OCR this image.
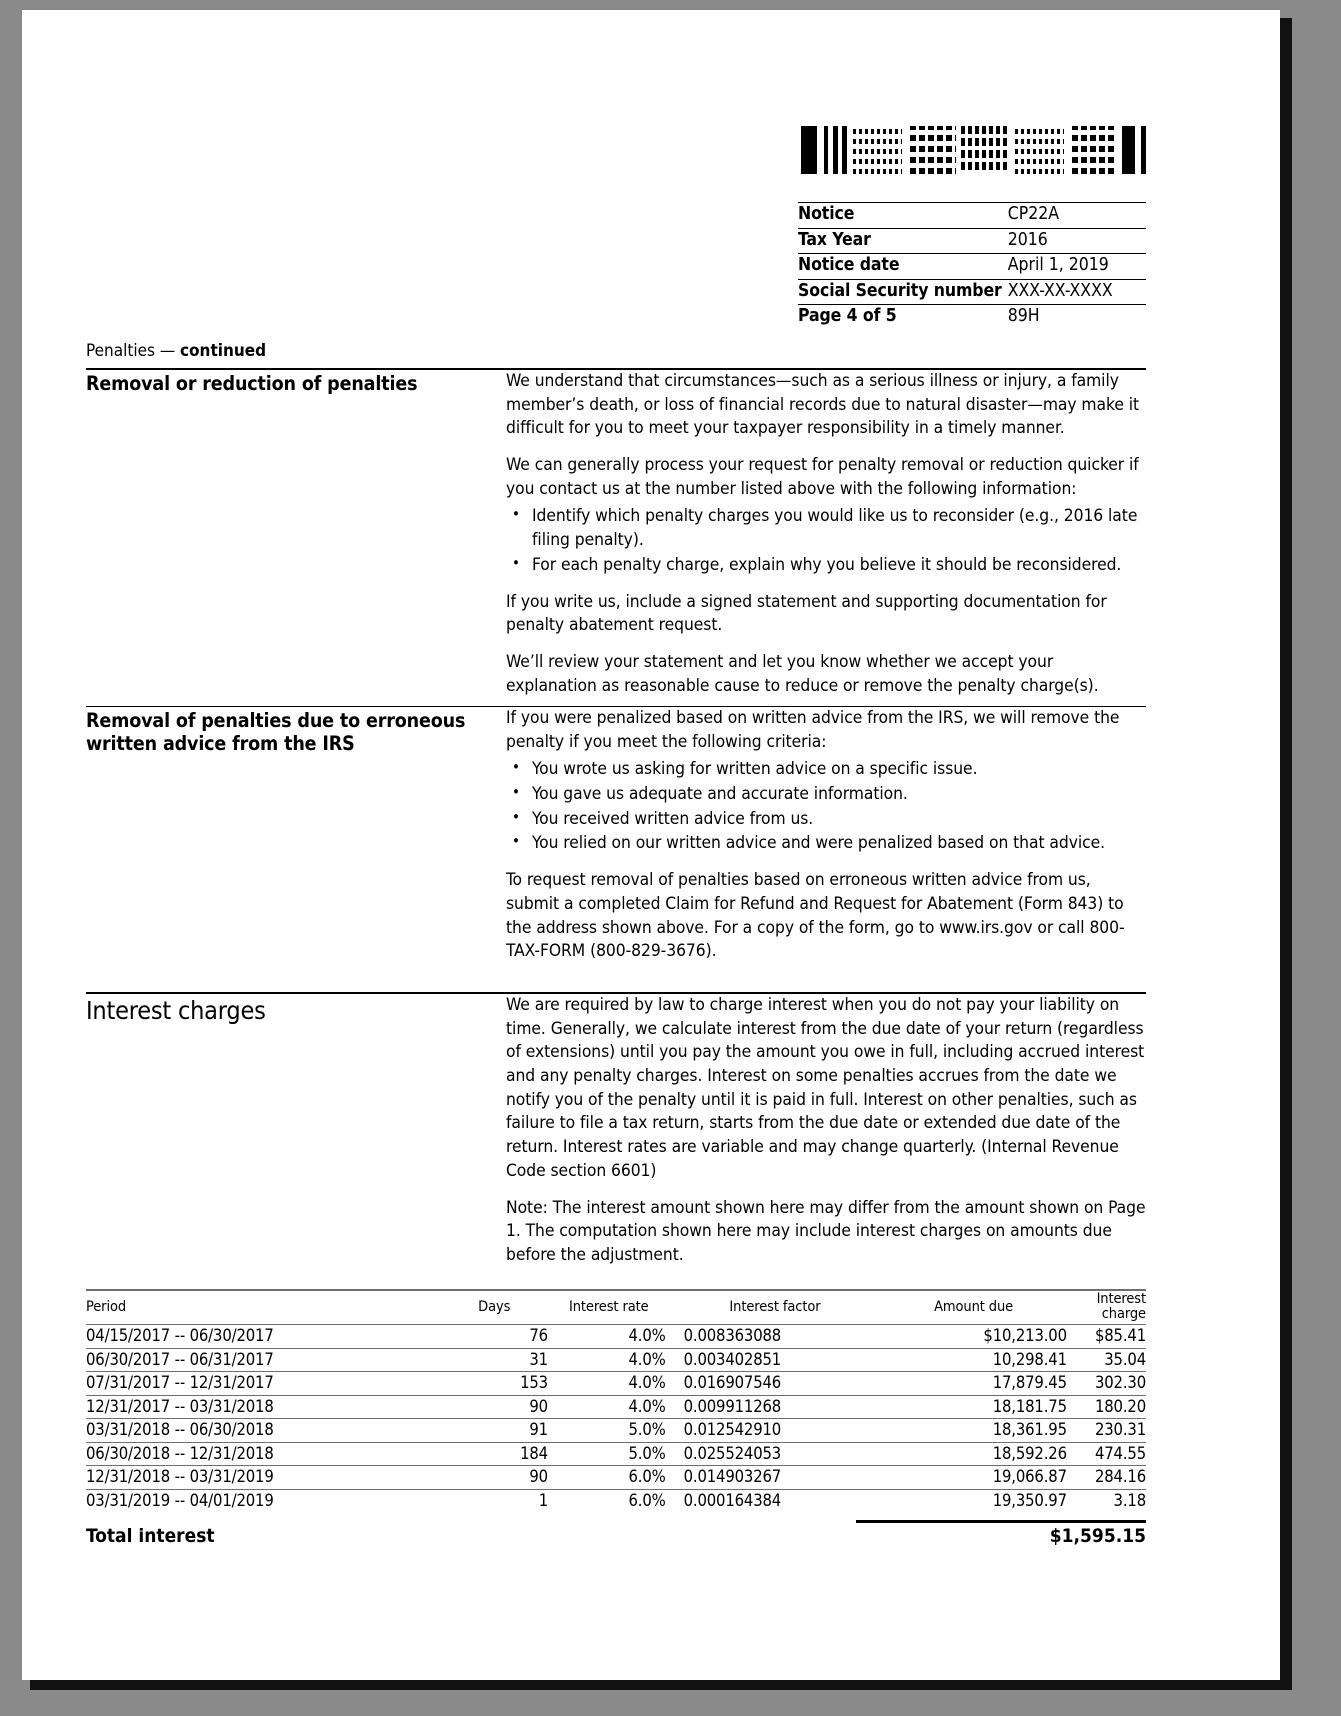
Notice	CP22A
Tax Year	2016
Notice date	April 1, 2019
Social Security number	XXX-XX-XXXX
Page 4 of 5	89H
Penalties — continued
Removal or reduction of penalties	We understand that circumstances—such as a serious illness or injury, a family member’s death, or loss of financial records due to natural disaster—may make it difficult for you to meet your taxpayer responsibility in a timely manner.

We can generally process your request for penalty removal or reduction quicker if you contact us at the number listed above with the following information:

• Identify which penalty charges you would like us to reconsider (e.g., 2016 late filing penalty).
• For each penalty charge, explain why you believe it should be reconsidered.

If you write us, include a signed statement and supporting documentation for penalty abatement request.

We’ll review your statement and let you know whether we accept your explanation as reasonable cause to reduce or remove the penalty charge(s).

Removal of penalties due to erroneous written advice from the IRS

If you were penalized based on written advice from the IRS, we will remove the penalty if you meet the following criteria:

• You wrote us asking for written advice on a specific issue.
• You gave us adequate and accurate information.
• You received written advice from us.
• You relied on our written advice and were penalized based on that advice.

To request removal of penalties based on erroneous written advice from us, submit a completed Claim for Refund and Request for Abatement (Form 843) to the address shown above. For a copy of the form, go to www.irs.gov or call 800-TAX-FORM (800-829-3676).

Interest charges	We are required by law to charge interest when you do not pay your liability on time. Generally, we calculate interest from the due date of your return (regardless of extensions) until you pay the amount you owe in full, including accrued interest and any penalty charges. Interest on some penalties accrues from the date we notify you of the penalty until it is paid in full. Interest on other penalties, such as failure to file a tax return, starts from the due date or extended due date of the return. Interest rates are variable and may change quarterly. (Internal Revenue Code section 6601)

Note: The interest amount shown here may differ from the amount shown on Page 1. The computation shown here may include interest charges on amounts due before the adjustment.

Period	Days	Interest rate	Interest factor	Amount due	Interest charge
04/15/2017 -- 06/30/2017	76	4.0%	0.008363088	$10,213.00	$85.41
06/30/2017 -- 06/31/2017	31	4.0%	0.003402851	10,298.41	35.04
07/31/2017 -- 12/31/2017	153	4.0%	0.016907546	17,879.45	302.30
12/31/2017 -- 03/31/2018	90	4.0%	0.009911268	18,181.75	180.20
03/31/2018 -- 06/30/2018	91	5.0%	0.012542910	18,361.95	230.31
06/30/2018 -- 12/31/2018	184	5.0%	0.025524053	18,592.26	474.55
12/31/2018 -- 03/31/2019	90	6.0%	0.014903267	19,066.87	284.16
03/31/2019 -- 04/01/2019	1	6.0%	0.000164384	19,350.97	3.18
Total interest	$1,595.15
